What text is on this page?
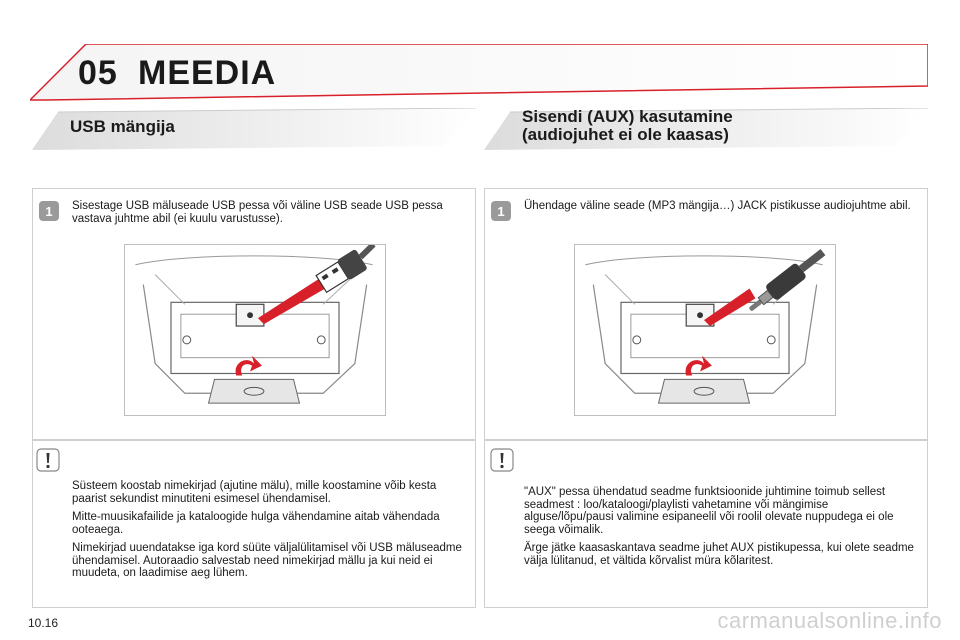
05 MEEDIA
USB mängija
Sisendi (AUX) kasutamine
(audiojuhet ei ole kaasas)
1 Sisestage USB mäluseade USB pessa või väline USB seade USB pessa vastava juhtme abil (ei kuulu varustusse).

Süsteem koostab nimekirjad (ajutine mälu), mille koostamine võib kesta paarist sekundist minutiteni esimesel ühendamisel.

Mitte-muusikafailide ja kataloogide hulga vähendamine aitab vähendada ooteaega.

Nimekirjad uuendatakse iga kord süüte väljalülitamisel või USB mäluseadme ühendamisel. Autoraadio salvestab need nimekirjad mällu ja kui neid ei muudeta, on laadimise aeg lühem.

1 Ühendage väline seade (MP3 mängija…) JACK pistikusse audiojuhtme abil.

"AUX" pessa ühendatud seadme funktsioonide juhtimine toimub sellest seadmest : loo/kataloogi/playlisti vahetamine või mängimise alguse/lõpu/pausi valimine esipaneelil või roolil olevate nuppudega ei ole seega võimalik.

Ärge jätke kaasaskantava seadme juhet AUX pistikupessa, kui olete seadme välja lülitanud, et vältida kõrvalist müra kõlaritest.

10.16	carmanualsonline.info
